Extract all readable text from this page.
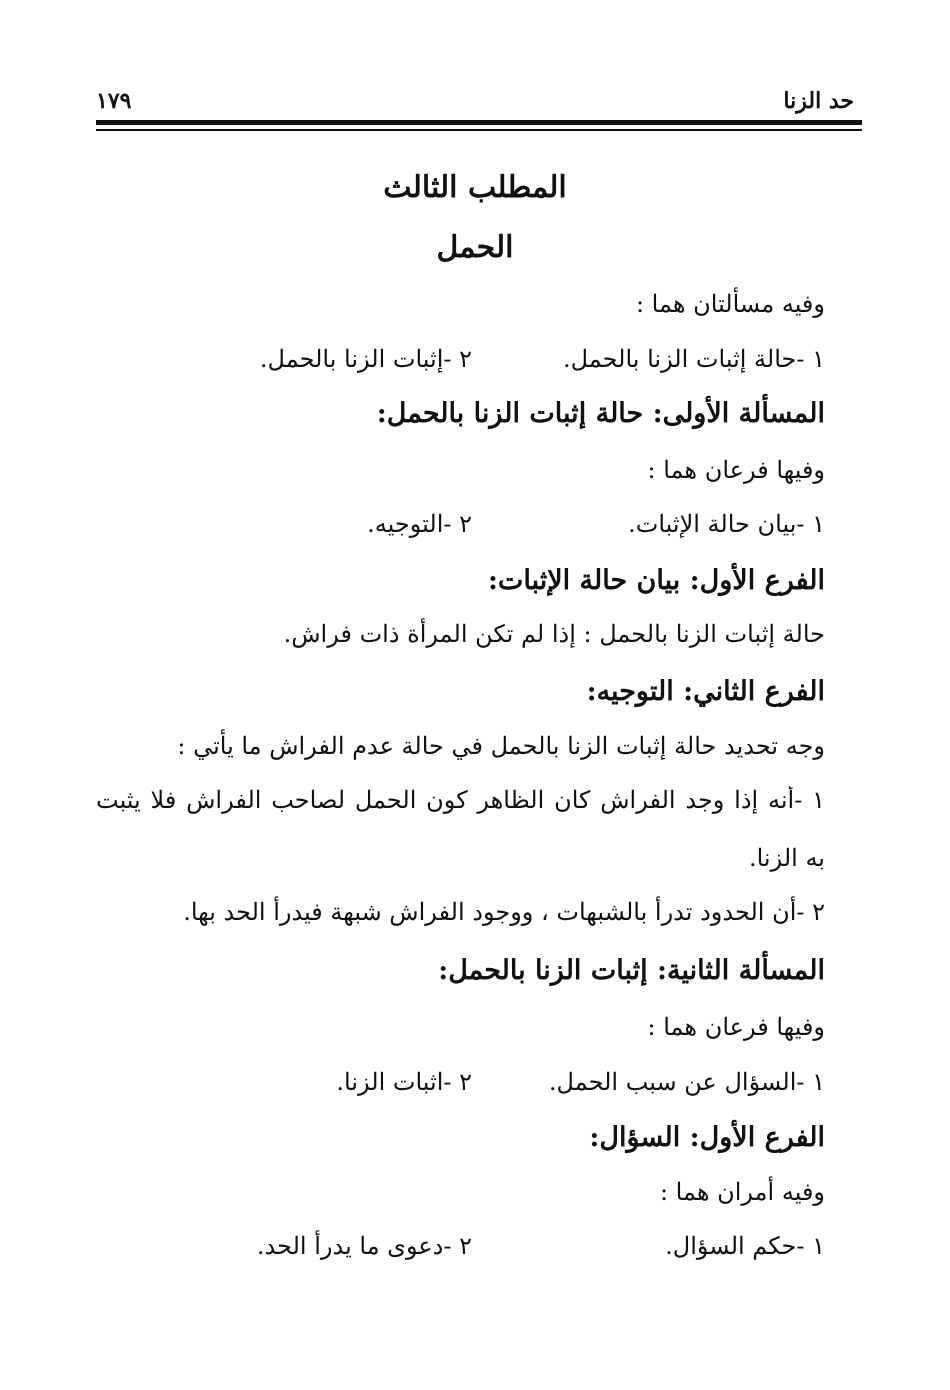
حد الزنا
١٧٩
المطلب الثالث
الحمل
وفيه مسألتان هما :
١ -حالة إثبات الزنا بالحمل.
٢ -إثبات الزنا بالحمل.
المسألة الأولى: حالة إثبات الزنا بالحمل:
وفيها فرعان هما :
١ -بيان حالة الإثبات.
٢ -التوجيه.
الفرع الأول: بيان حالة الإثبات:
حالة إثبات الزنا بالحمل : إذا لم تكن المرأة ذات فراش.
الفرع الثاني: التوجيه:
وجه تحديد حالة إثبات الزنا بالحمل في حالة عدم الفراش ما يأتي :
١ -أنه إذا وجد الفراش كان الظاهر كون الحمل لصاحب الفراش فلا يثبت
به الزنا.
٢ -أن الحدود تدرأ بالشبهات ، ووجود الفراش شبهة فيدرأ الحد بها.
المسألة الثانية: إثبات الزنا بالحمل:
وفيها فرعان هما :
١ -السؤال عن سبب الحمل.
٢ -اثبات الزنا.
الفرع الأول: السؤال:
وفيه أمران هما :
١ -حكم السؤال.
٢ -دعوى ما يدرأ الحد.
